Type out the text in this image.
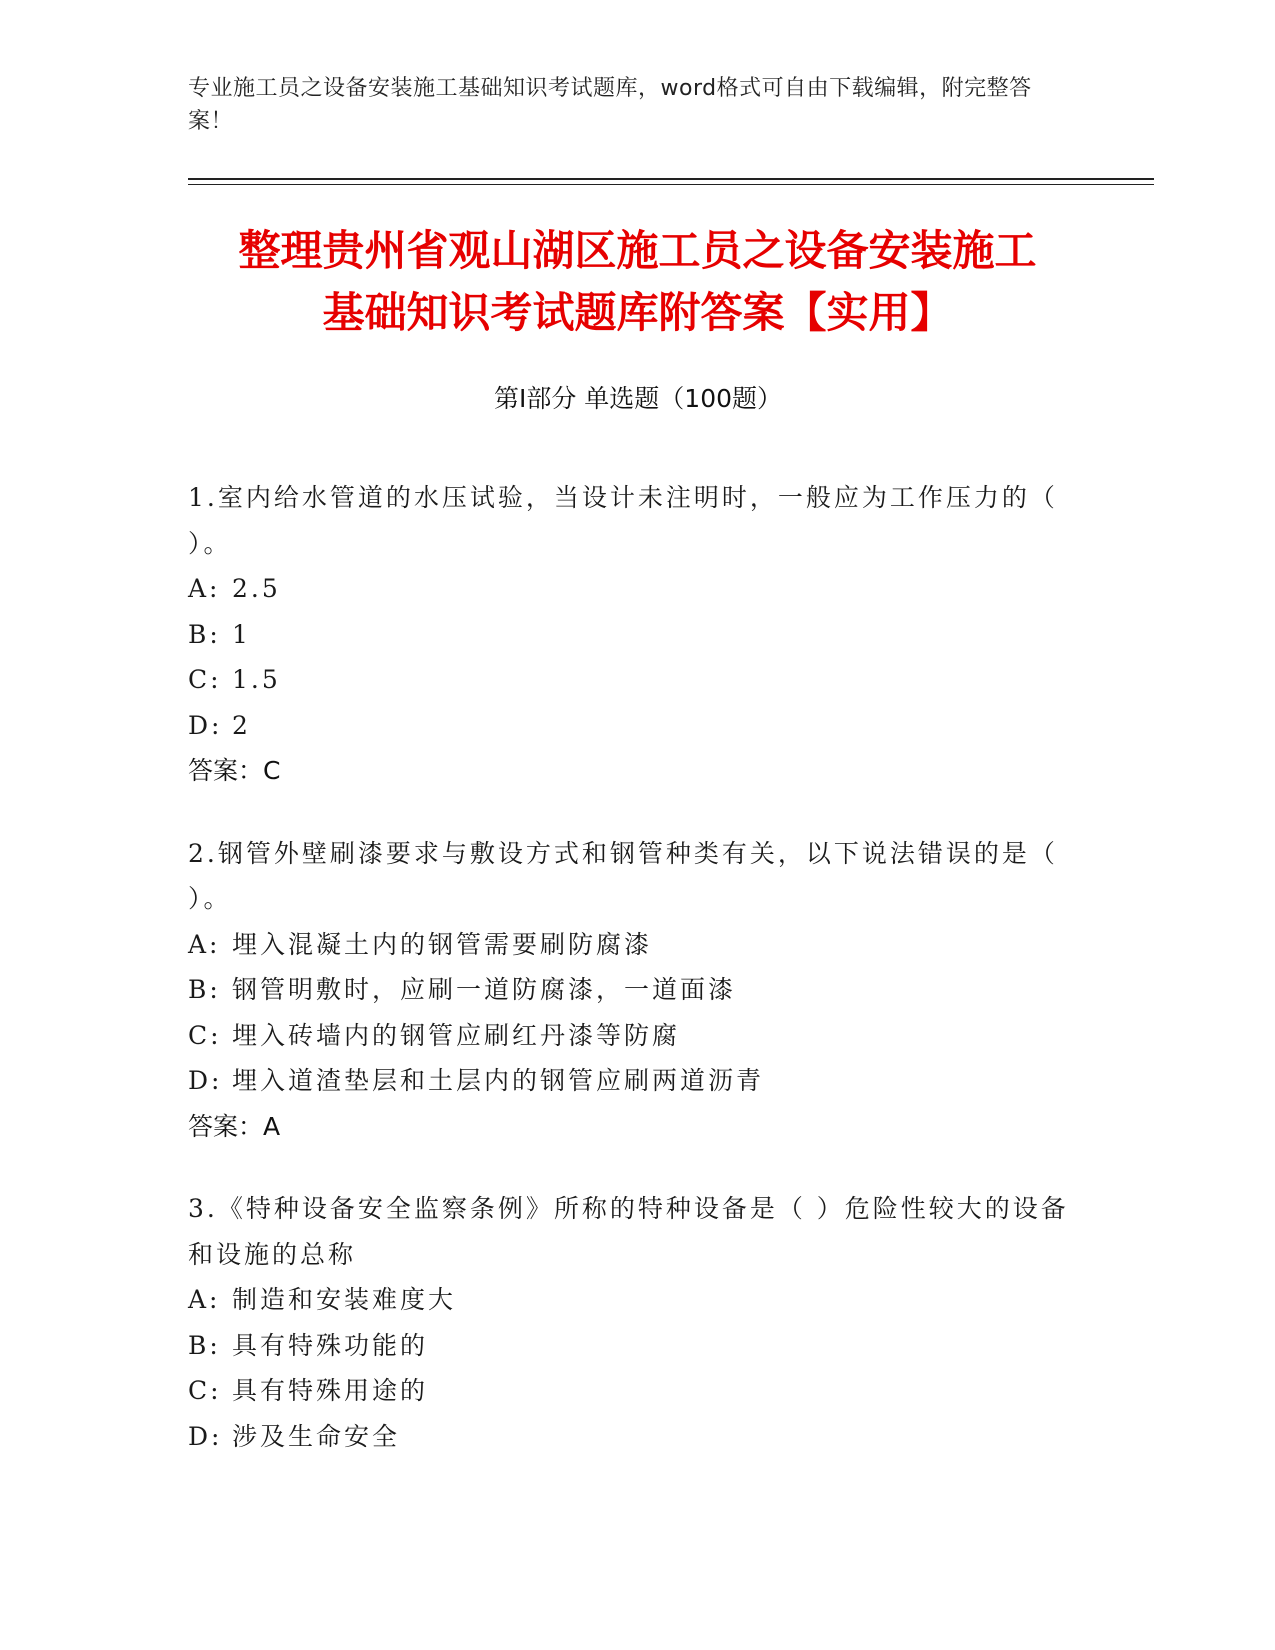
专业施工员之设备安装施工基础知识考试题库，word格式可自由下载编辑，附完整答案！
整理贵州省观山湖区施工员之设备安装施工
基础知识考试题库附答案【实用】
第Ⅰ部分 单选题（100题）
1.室内给水管道的水压试验，当设计未注明时，一般应为工作压力的（ ）。
A: 2.5
B: 1
C: 1.5
D: 2
答案：C
2.钢管外壁刷漆要求与敷设方式和钢管种类有关，以下说法错误的是（ ）。
A: 埋入混凝土内的钢管需要刷防腐漆
B: 钢管明敷时，应刷一道防腐漆，一道面漆
C: 埋入砖墙内的钢管应刷红丹漆等防腐
D: 埋入道渣垫层和土层内的钢管应刷两道沥青
答案：A
3.《特种设备安全监察条例》所称的特种设备是（ ）危险性较大的设备和设施的总称
A: 制造和安装难度大
B: 具有特殊功能的
C: 具有特殊用途的
D: 涉及生命安全
